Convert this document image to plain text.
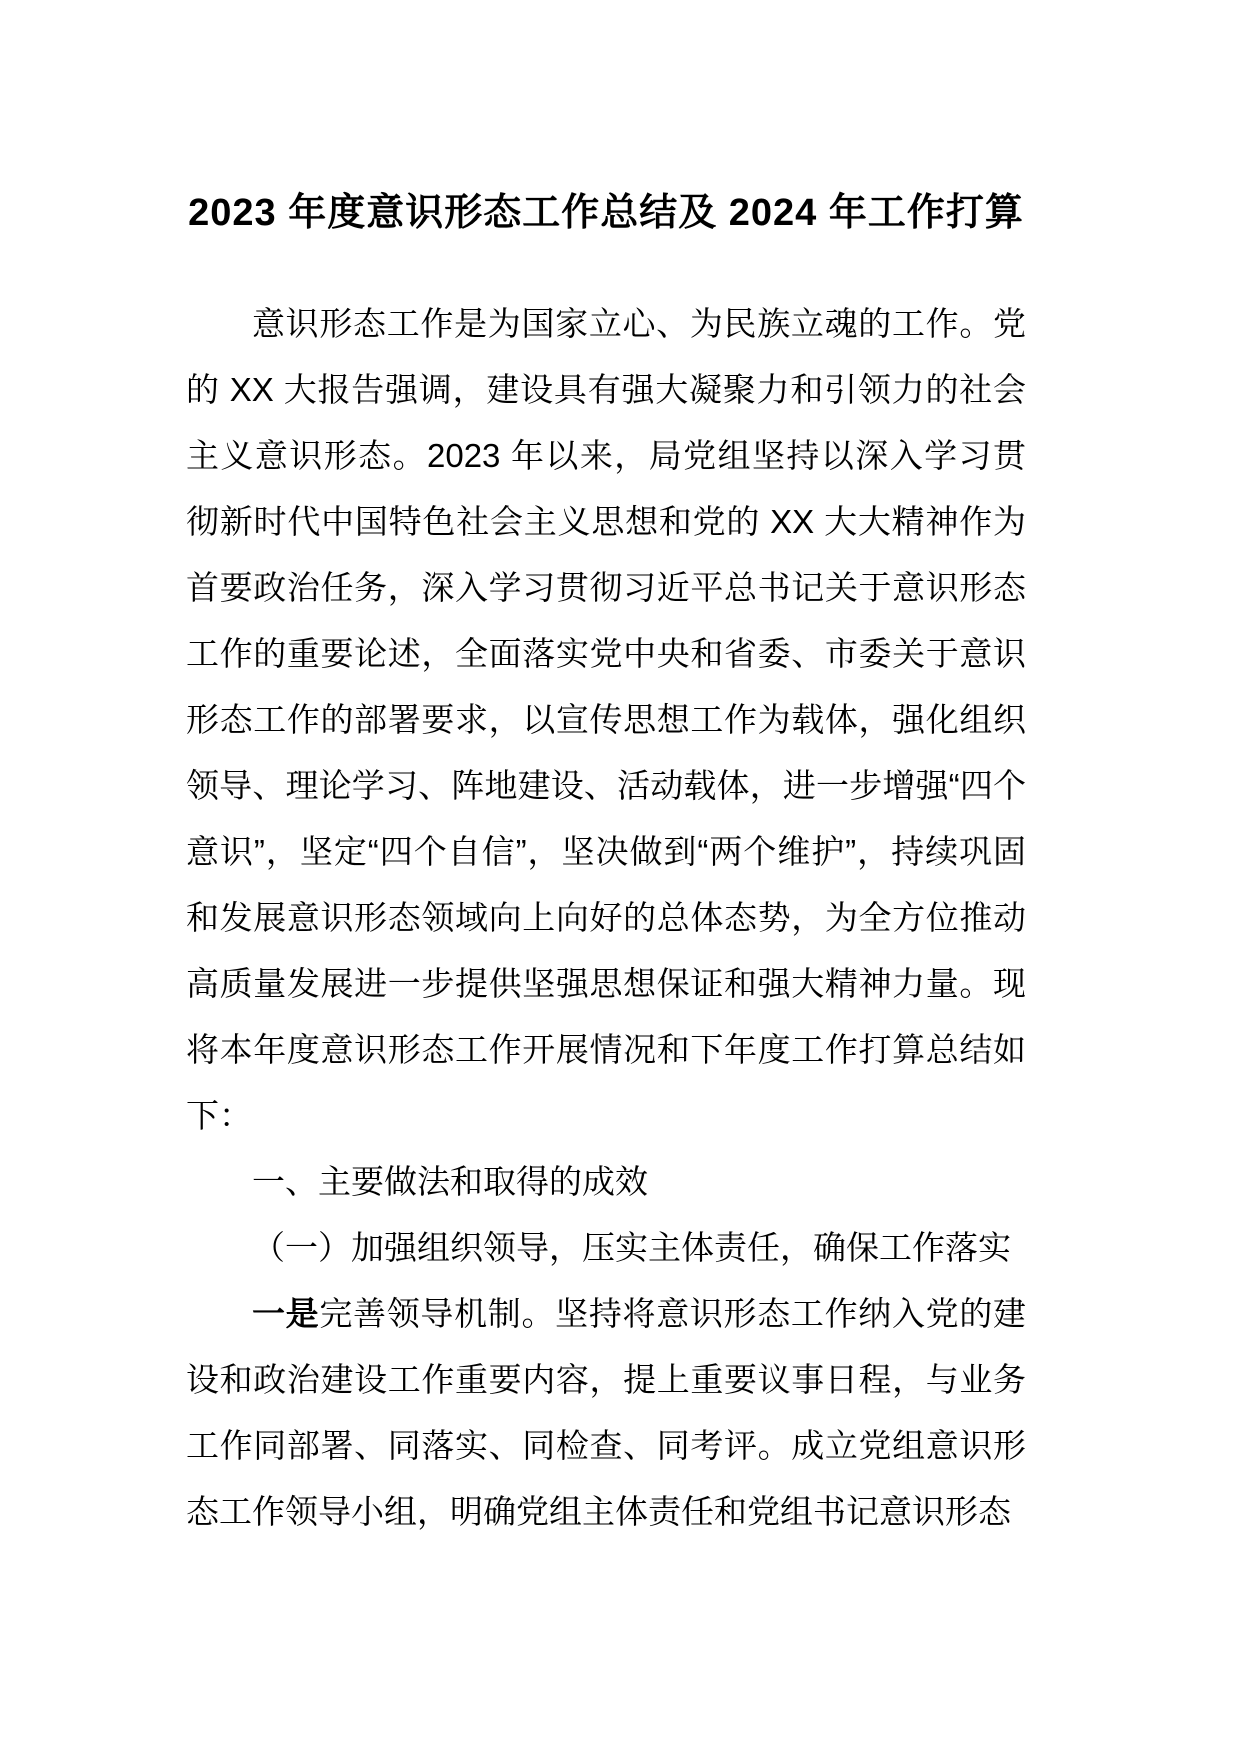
2023 年度意识形态工作总结及 2024 年工作打算

意识形态工作是为国家立心、为民族立魂的工作。党的 XX 大报告强调，建设具有强大凝聚力和引领力的社会主义意识形态。2023 年以来，局党组坚持以深入学习贯彻新时代中国特色社会主义思想和党的 XX 大大精神作为首要政治任务，深入学习贯彻习近平总书记关于意识形态工作的重要论述，全面落实党中央和省委、市委关于意识形态工作的部署要求，以宣传思想工作为载体，强化组织领导、理论学习、阵地建设、活动载体，进一步增强“四个意识”，坚定“四个自信”，坚决做到“两个维护”，持续巩固和发展意识形态领域向上向好的总体态势，为全方位推动高质量发展进一步提供坚强思想保证和强大精神力量。现将本年度意识形态工作开展情况和下年度工作打算总结如下：

一、主要做法和取得的成效

（一）加强组织领导，压实主体责任，确保工作落实

一是完善领导机制。坚持将意识形态工作纳入党的建设和政治建设工作重要内容，提上重要议事日程，与业务工作同部署、同落实、同检查、同考评。成立党组意识形态工作领导小组，明确党组主体责任和党组书记意识形态
